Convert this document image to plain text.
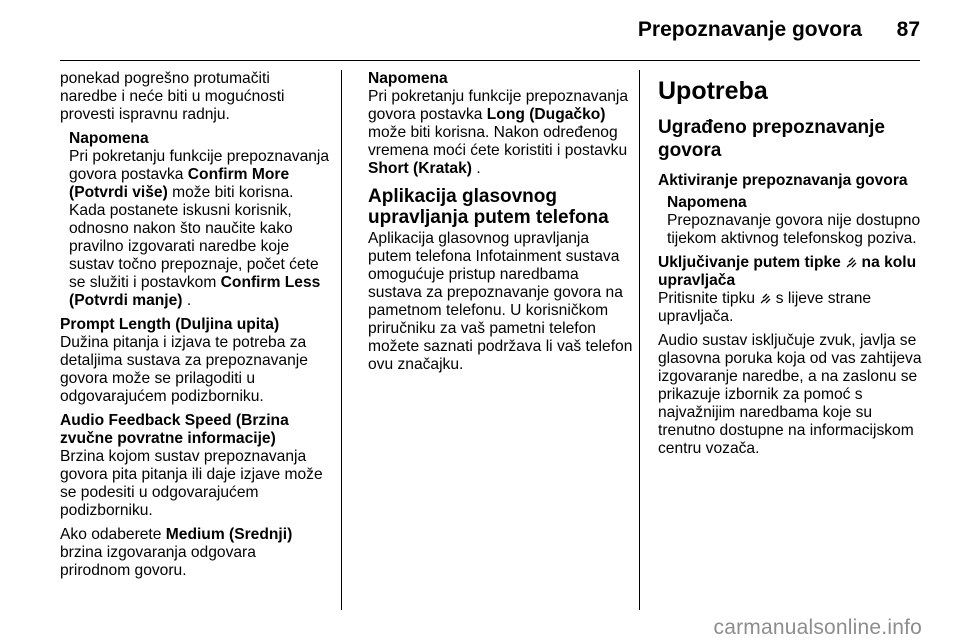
Prepoznavanje govora 87

ponekad pogrešno protumačiti naredbe i neće biti u mogućnosti provesti ispravnu radnju.

Napomena

Pri pokretanju funkcije prepoznavanja govora postavka Confirm More (Potvrdi više) može biti korisna. Kada postanete iskusni korisnik, odnosno nakon što naučite kako pravilno izgovarati naredbe koje sustav točno prepoznaje, počet ćete se služiti i postavkom Confirm Less (Potvrdi manje) .

Prompt Length (Duljina upita)

Dužina pitanja i izjava te potreba za detaljima sustava za prepoznavanje govora može se prilagoditi u odgovarajućem podizborniku.

Audio Feedback Speed (Brzina zvučne povratne informacije)

Brzina kojom sustav prepoznavanja govora pita pitanja ili daje izjave može se podesiti u odgovarajućem podizborniku.

Ako odaberete Medium (Srednji) brzina izgovaranja odgovara prirodnom govoru.

Napomena

Pri pokretanju funkcije prepoznavanja govora postavka Long (Dugačko) može biti korisna. Nakon određenog vremena moći ćete koristiti i postavku Short (Kratak) .

Aplikacija glasovnog upravljanja putem telefona

Aplikacija glasovnog upravljanja putem telefona Infotainment sustava omogućuje pristup naredbama sustava za prepoznavanje govora na pametnom telefonu. U korisničkom priručniku za vaš pametni telefon možete saznati podržava li vaš telefon ovu značajku.

Upotreba
Ugrađeno prepoznavanje govora

Aktiviranje prepoznavanja govora

Napomena

Prepoznavanje govora nije dostupno tijekom aktivnog telefonskog poziva.

Uključivanje putem tipke na kolu upravljača

Pritisnite tipku s lijeve strane upravljača.

Audio sustav isključuje zvuk, javlja se glasovna poruka koja od vas zahtijeva izgovaranje naredbe, a na zaslonu se prikazuje izbornik za pomoć s najvažnijim naredbama koje su trenutno dostupne na informacijskom centru vozača.

carmanualsonline.info
